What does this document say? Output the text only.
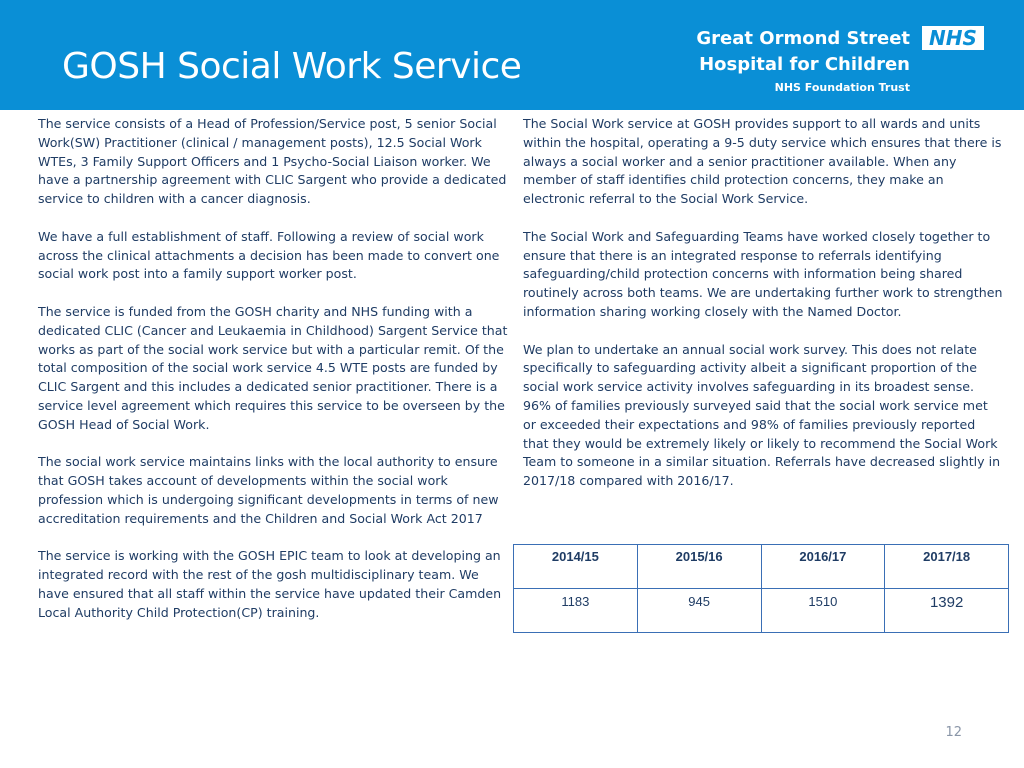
GOSH Social Work Service
Great Ormond Street
Hospital for Children
NHS Foundation Trust
NHS

The service consists of a Head of Profession/Service post, 5 senior Social Work(SW) Practitioner (clinical / management posts), 12.5 Social Work WTEs, 3 Family Support Officers and 1 Psycho-Social Liaison worker. We have a partnership agreement with CLIC Sargent who provide a dedicated service to children with a cancer diagnosis.

We have a full establishment of staff. Following a review of social work across the clinical attachments a decision has been made to convert one social work post into a family support worker post.

The service is funded from the GOSH charity and NHS funding with a dedicated CLIC (Cancer and Leukaemia in Childhood) Sargent Service that works as part of the social work service but with a particular remit. Of the total composition of the social work service 4.5 WTE posts are funded by CLIC Sargent and this includes a dedicated senior practitioner. There is a service level agreement which requires this service to be overseen by the GOSH Head of Social Work.

The social work service maintains links with the local authority to ensure that GOSH takes account of developments within the social work profession which is undergoing significant developments in terms of new accreditation requirements and the Children and Social Work Act 2017

The service is working with the GOSH EPIC team to look at developing an integrated record with the rest of the gosh multidisciplinary team. We have ensured that all staff within the service have updated their Camden Local Authority Child Protection(CP) training.

The Social Work service at GOSH provides support to all wards and units within the hospital, operating a 9-5 duty service which ensures that there is always a social worker and a senior practitioner available. When any member of staff identifies child protection concerns, they make an electronic referral to the Social Work Service.

The Social Work and Safeguarding Teams have worked closely together to ensure that there is an integrated response to referrals identifying safeguarding/child protection concerns with information being shared routinely across both teams. We are undertaking further work to strengthen information sharing working closely with the Named Doctor.

We plan to undertake an annual social work survey. This does not relate specifically to safeguarding activity albeit a significant proportion of the social work service activity involves safeguarding in its broadest sense. 96% of families previously surveyed said that the social work service met or exceeded their expectations and 98% of families previously reported that they would be extremely likely or likely to recommend the Social Work Team to someone in a similar situation. Referrals have decreased slightly in 2017/18 compared with 2016/17.

2014/15	2015/16	2016/17	2017/18
1183	945	1510	1392
12
